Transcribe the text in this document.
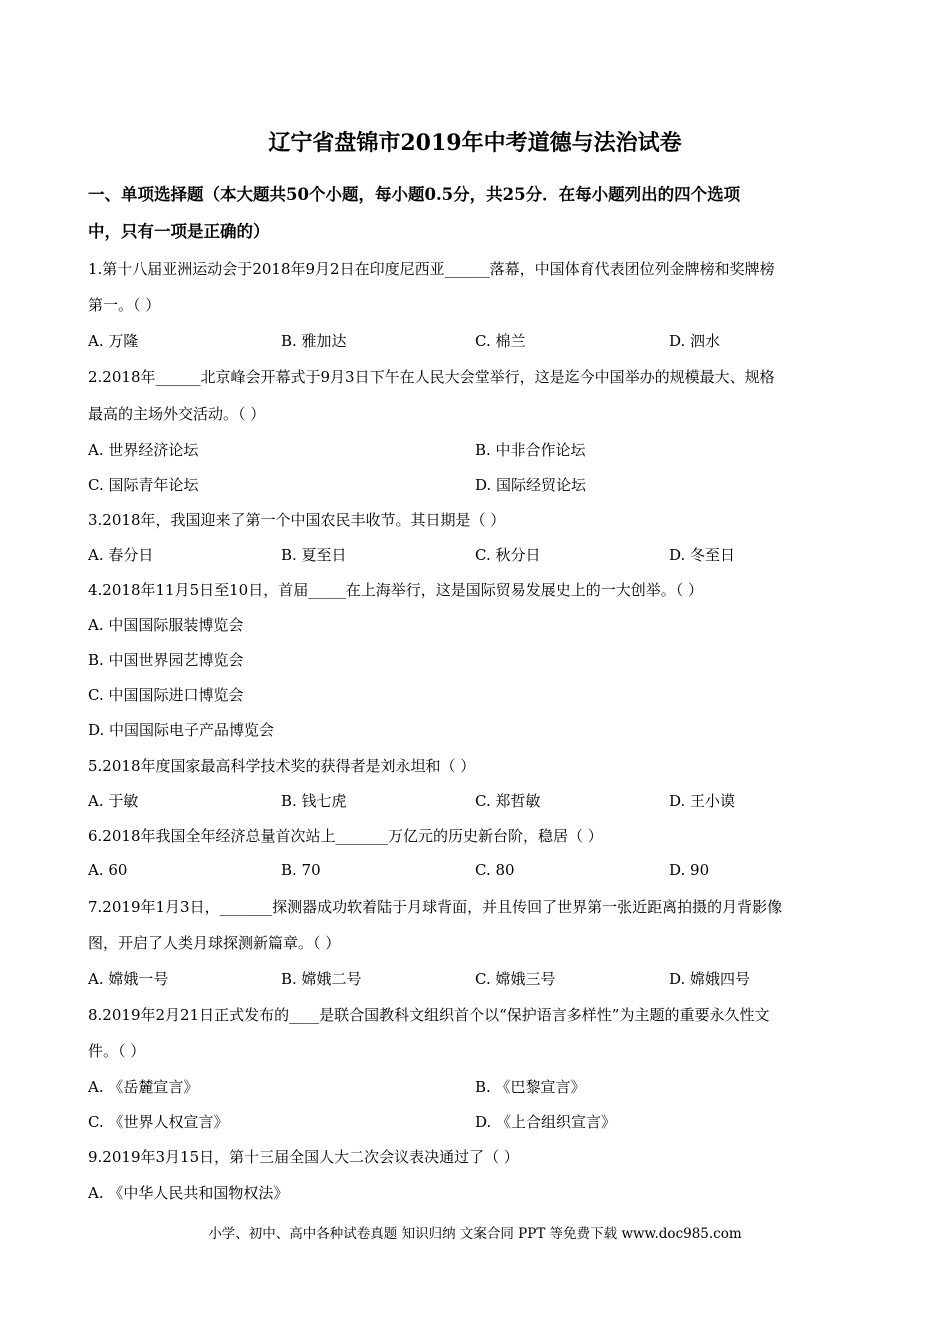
辽宁省盘锦市2019年中考道德与法治试卷
一、单项选择题（本大题共50个小题，每小题0.5分，共25分．在每小题列出的四个选项
中，只有一项是正确的）
1.第十八届亚洲运动会于2018年9月2日在印度尼西亚______落幕，中国体育代表团位列金牌榜和奖牌榜
第一。（ ）
A. 万隆	B. 雅加达	C. 棉兰	D. 泗水
2.2018年______北京峰会开幕式于9月3日下午在人民大会堂举行，这是迄今中国举办的规模最大、规格
最高的主场外交活动。（ ）
A. 世界经济论坛	B. 中非合作论坛
C. 国际青年论坛	D. 国际经贸论坛
3.2018年，我国迎来了第一个中国农民丰收节。其日期是（ ）
A. 春分日	B. 夏至日	C. 秋分日	D. 冬至日
4.2018年11月5日至10日，首届_____在上海举行，这是国际贸易发展史上的一大创举。（ ）
A. 中国国际服装博览会
B. 中国世界园艺博览会
C. 中国国际进口博览会
D. 中国国际电子产品博览会
5.2018年度国家最高科学技术奖的获得者是刘永坦和（ ）
A. 于敏	B. 钱七虎	C. 郑哲敏	D. 王小谟
6.2018年我国全年经济总量首次站上_______万亿元的历史新台阶，稳居（ ）
A. 60	B. 70	C. 80	D. 90
7.2019年1月3日，_______探测器成功软着陆于月球背面，并且传回了世界第一张近距离拍摄的月背影像
图，开启了人类月球探测新篇章。（ ）
A. 嫦娥一号	B. 嫦娥二号	C. 嫦娥三号	D. 嫦娥四号
8.2019年2月21日正式发布的____是联合国教科文组织首个以“保护语言多样性”为主题的重要永久性文
件。（ ）
A. 《岳麓宣言》	B. 《巴黎宣言》
C. 《世界人权宣言》	D. 《上合组织宣言》
9.2019年3月15日，第十三届全国人大二次会议表决通过了（ ）
A. 《中华人民共和国物权法》
小学、初中、高中各种试卷真题 知识归纳 文案合同 PPT 等免费下载 www.doc985.com
